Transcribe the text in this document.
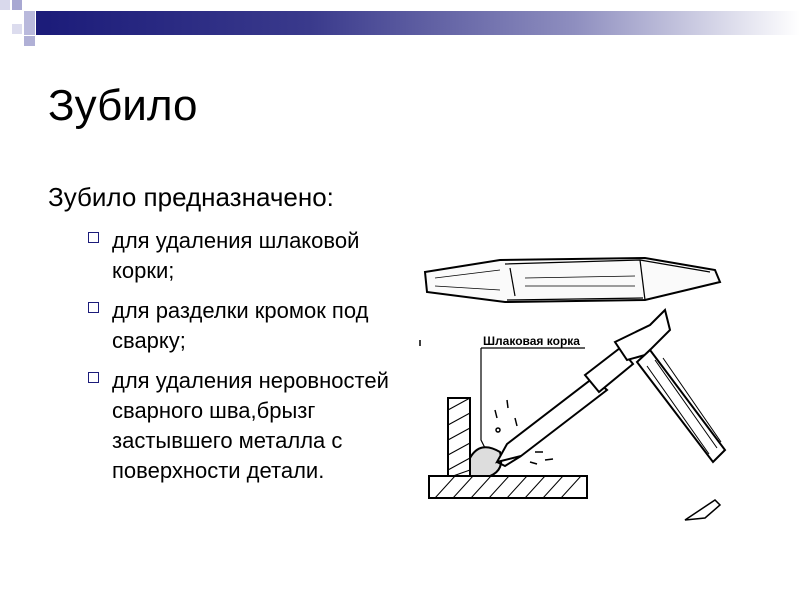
Зубило

Зубило предназначено:

для удаления шлаковой корки;
для разделки кромок под сварку;
для удаления неровностей сварного шва,брызг застывшего металла с поверхности детали.
Шлаковая корка
